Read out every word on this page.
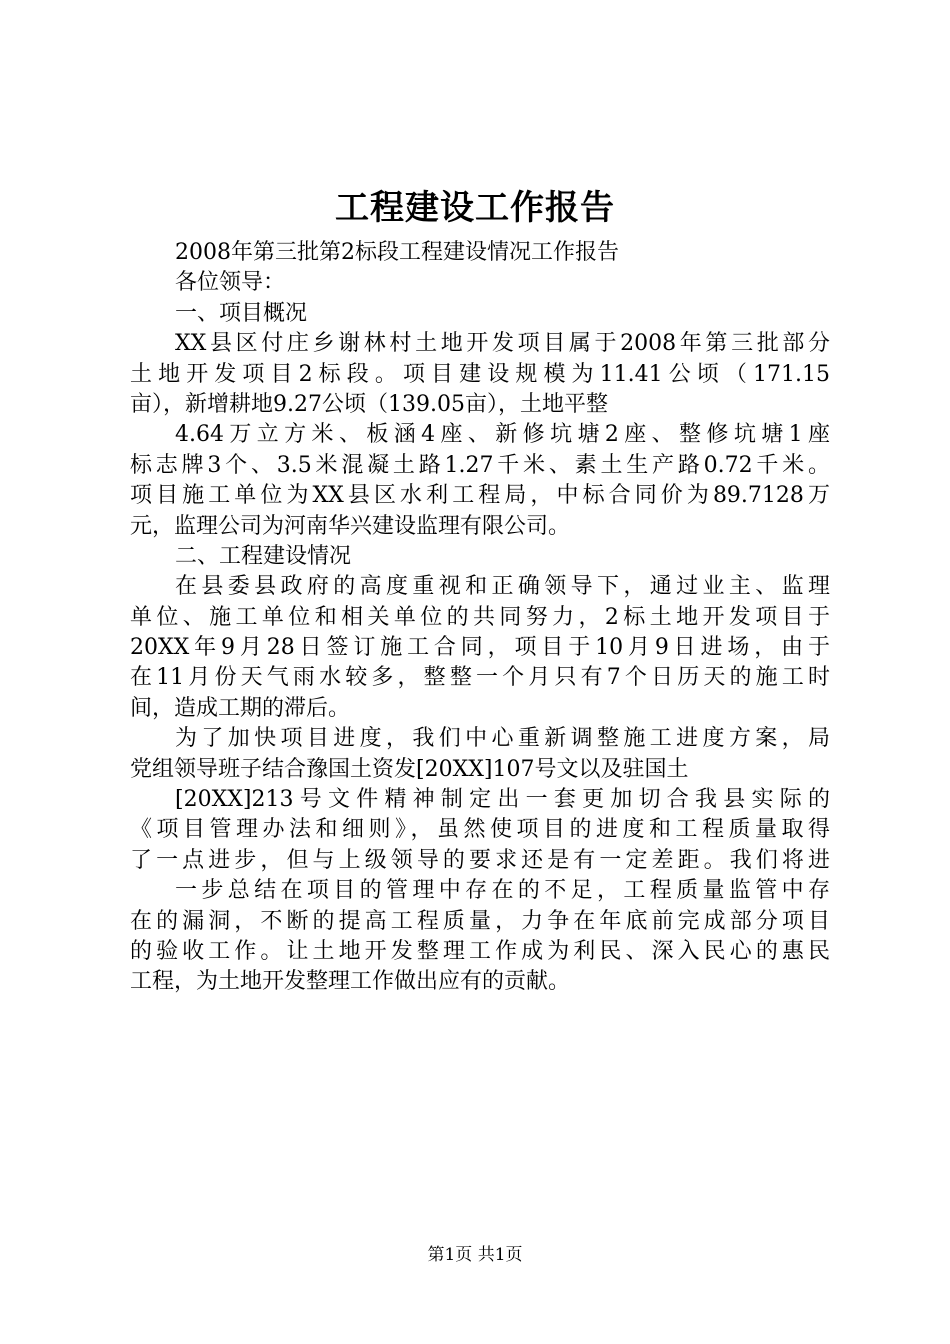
工程建设工作报告
2008年第三批第2标段工程建设情况工作报告
各位领导：
一、项目概况
XX县区付庄乡谢林村土地开发项目属于2008年第三批部分
土地开发项目2标段。项目建设规模为11.41公顷（171.15
亩），新增耕地9.27公顷（139.05亩），土地平整
4.64万立方米、板涵4座、新修坑塘2座、整修坑塘1座
标志牌3个、3.5米混凝土路1.27千米、素土生产路0.72千米。
项目施工单位为XX县区水利工程局，中标合同价为89.7128万
元，监理公司为河南华兴建设监理有限公司。
二、工程建设情况
在县委县政府的高度重视和正确领导下，通过业主、监理
单位、施工单位和相关单位的共同努力，2标土地开发项目于
20XX年9月28日签订施工合同，项目于10月9日进场，由于
在11月份天气雨水较多，整整一个月只有7个日历天的施工时
间，造成工期的滞后。
为了加快项目进度，我们中心重新调整施工进度方案，局
党组领导班子结合豫国土资发[20XX]107号文以及驻国土
[20XX]213号文件精神制定出一套更加切合我县实际的
《项目管理办法和细则》，虽然使项目的进度和工程质量取得
了一点进步，但与上级领导的要求还是有一定差距。我们将进
一步总结在项目的管理中存在的不足，工程质量监管中存
在的漏洞，不断的提高工程质量，力争在年底前完成部分项目
的验收工作。让土地开发整理工作成为利民、深入民心的惠民
工程，为土地开发整理工作做出应有的贡献。
第1页 共1页
